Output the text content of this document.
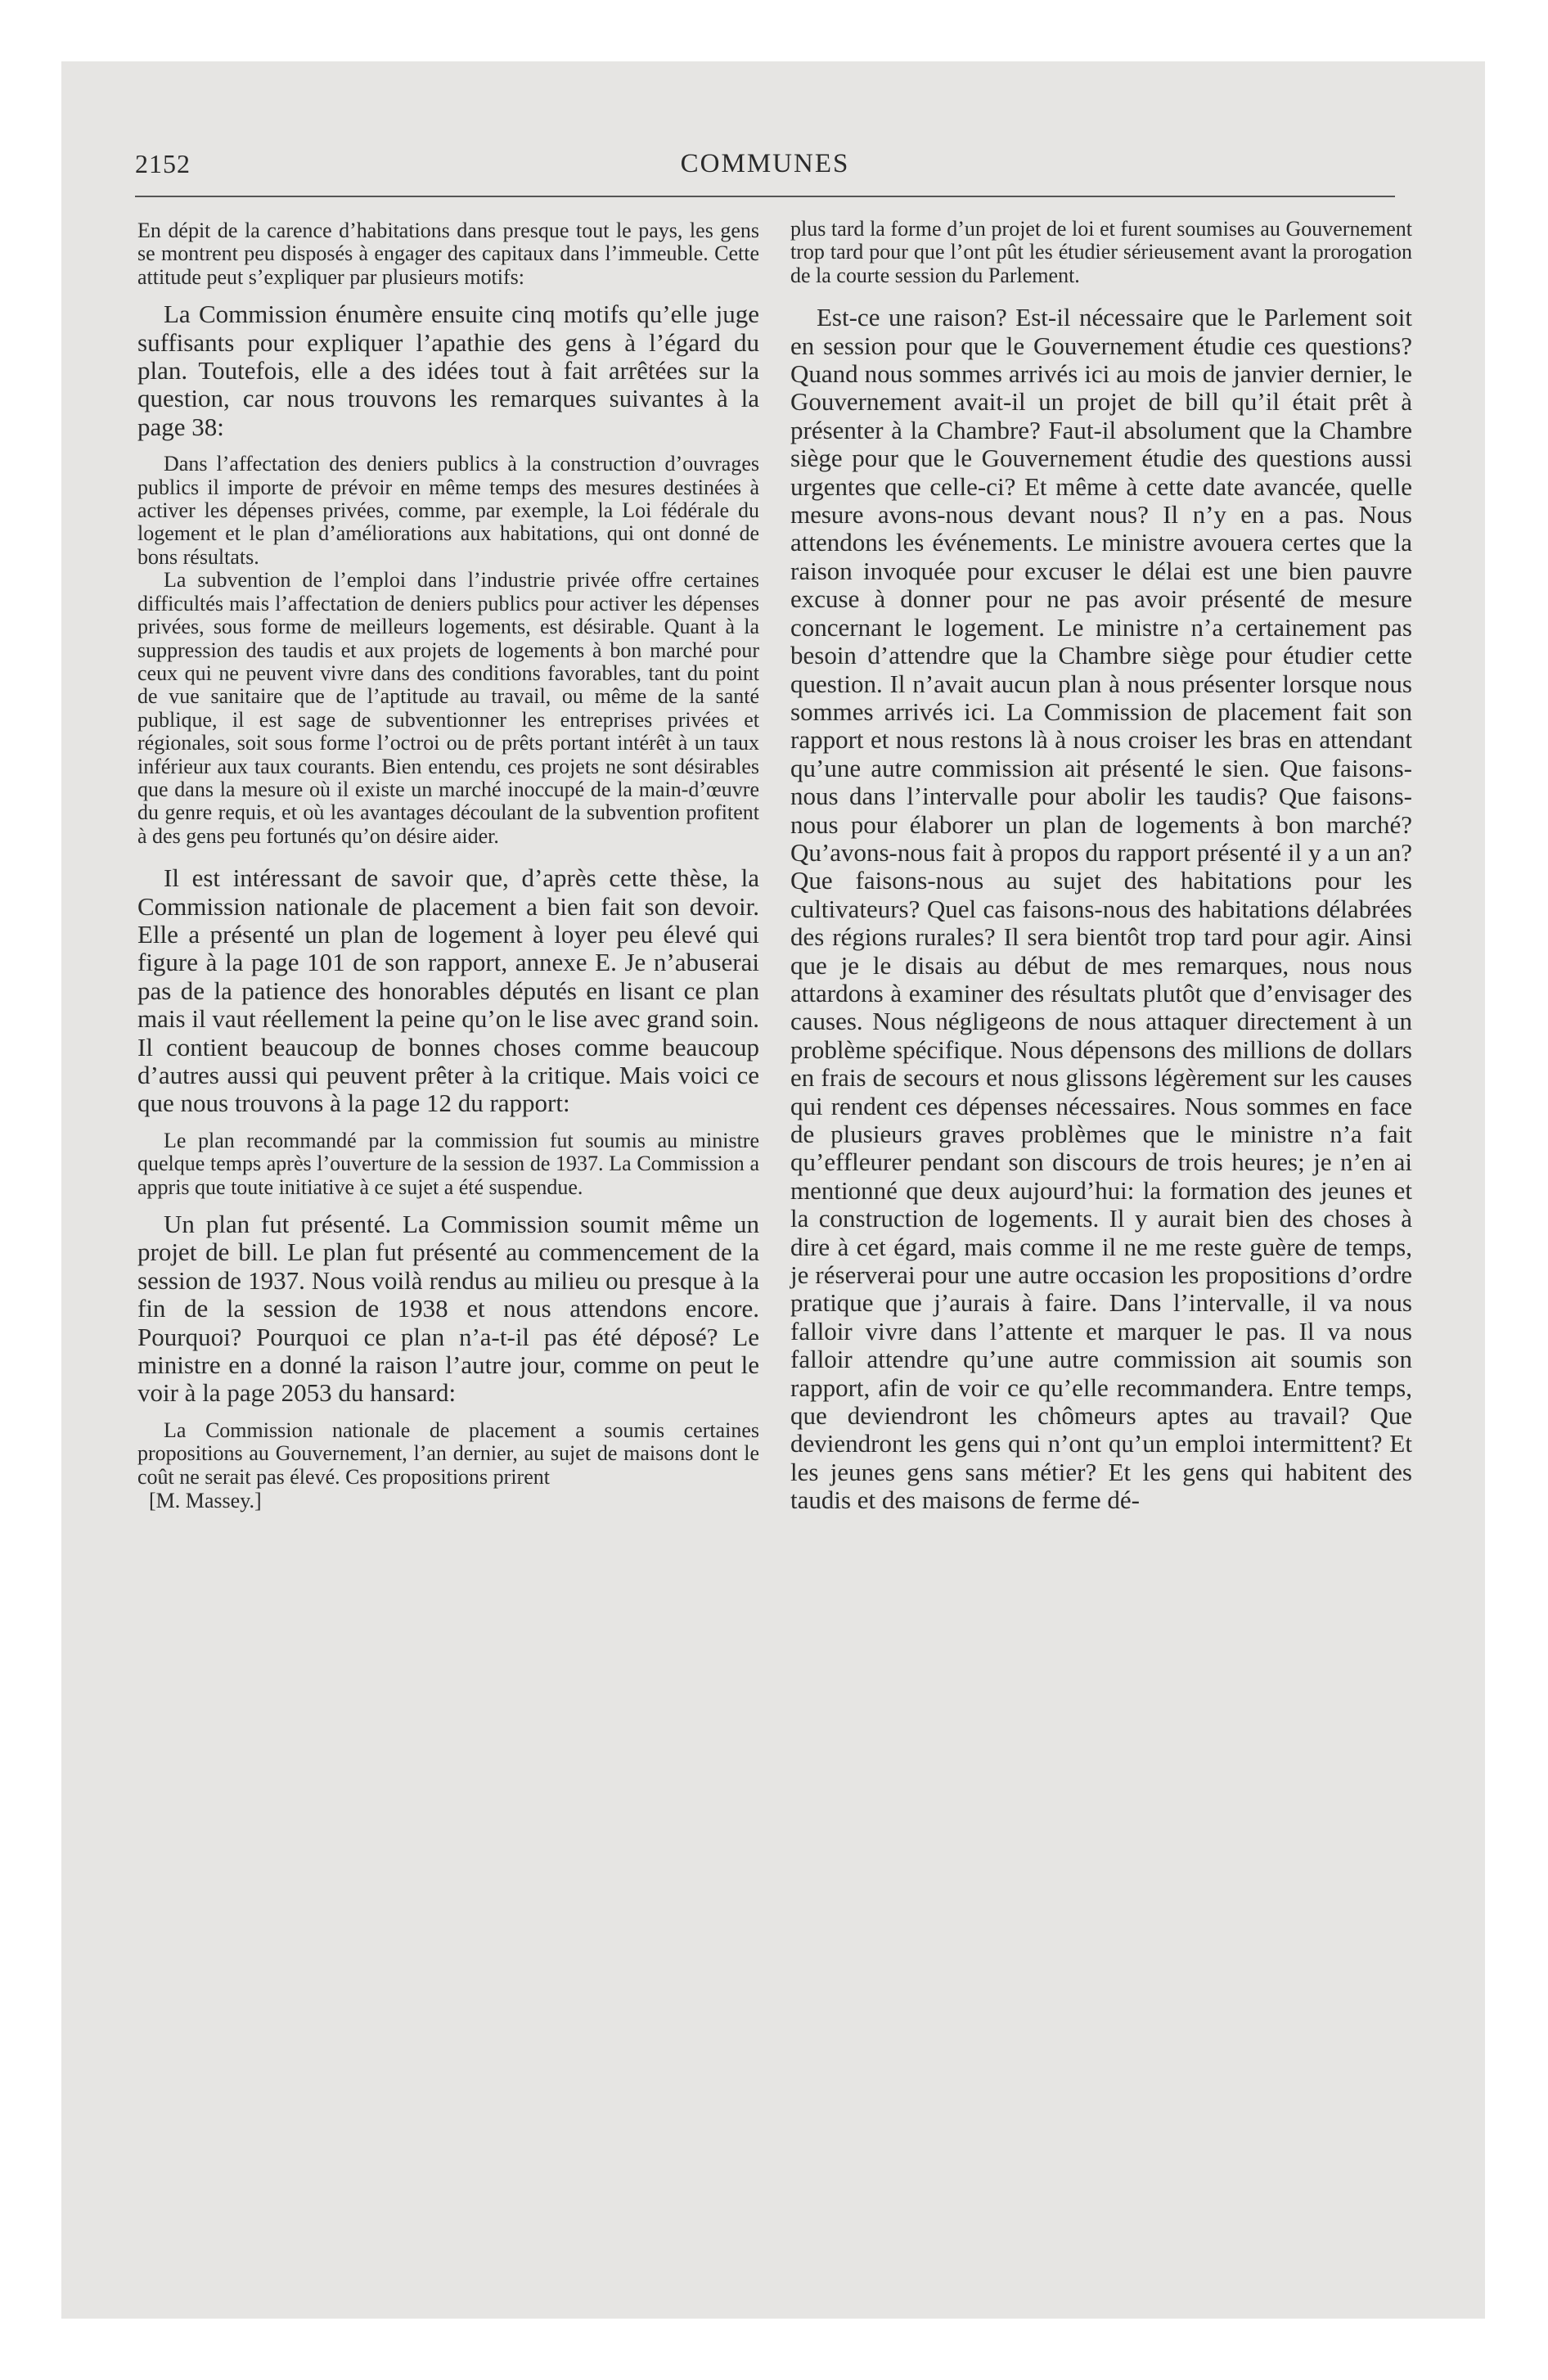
2152	COMMUNES

En dépit de la carence d’habitations dans presque tout le pays, les gens se montrent peu disposés à engager des capitaux dans l’immeuble. Cette attitude peut s’expliquer par plusieurs motifs:

La Commission énumère ensuite cinq motifs qu’elle juge suffisants pour expliquer l’apathie des gens à l’égard du plan. Toutefois, elle a des idées tout à fait arrêtées sur la question, car nous trouvons les remarques suivantes à la page 38:

Dans l’affectation des deniers publics à la construction d’ouvrages publics il importe de prévoir en même temps des mesures destinées à activer les dépenses privées, comme, par exemple, la Loi fédérale du logement et le plan d’améliorations aux habitations, qui ont donné de bons résultats.

La subvention de l’emploi dans l’industrie privée offre certaines difficultés mais l’affectation de deniers publics pour activer les dépenses privées, sous forme de meilleurs logements, est désirable. Quant à la suppression des taudis et aux projets de logements à bon marché pour ceux qui ne peuvent vivre dans des conditions favorables, tant du point de vue sanitaire que de l’aptitude au travail, ou même de la santé publique, il est sage de subventionner les entreprises privées et régionales, soit sous forme l’octroi ou de prêts portant intérêt à un taux inférieur aux taux courants. Bien entendu, ces projets ne sont désirables que dans la mesure où il existe un marché inoccupé de la main-d’œuvre du genre requis, et où les avantages découlant de la subvention profitent à des gens peu fortunés qu’on désire aider.

Il est intéressant de savoir que, d’après cette thèse, la Commission nationale de placement a bien fait son devoir. Elle a présenté un plan de logement à loyer peu élevé qui figure à la page 101 de son rapport, annexe E. Je n’abuserai pas de la patience des honorables députés en lisant ce plan mais il vaut réellement la peine qu’on le lise avec grand soin. Il contient beaucoup de bonnes choses comme beaucoup d’autres aussi qui peuvent prêter à la critique. Mais voici ce que nous trouvons à la page 12 du rapport:

Le plan recommandé par la commission fut soumis au ministre quelque temps après l’ouverture de la session de 1937. La Commission a appris que toute initiative à ce sujet a été suspendue.

Un plan fut présenté. La Commission soumit même un projet de bill. Le plan fut présenté au commencement de la session de 1937. Nous voilà rendus au milieu ou presque à la fin de la session de 1938 et nous attendons encore. Pourquoi? Pourquoi ce plan n’a-t-il pas été déposé? Le ministre en a donné la raison l’autre jour, comme on peut le voir à la page 2053 du hansard:

La Commission nationale de placement a soumis certaines propositions au Gouvernement, l’an dernier, au sujet de maisons dont le coût ne serait pas élevé. Ces propositions prirent

[M. Massey.]

plus tard la forme d’un projet de loi et furent soumises au Gouvernement trop tard pour que l’ont pût les étudier sérieusement avant la prorogation de la courte session du Parlement.

Est-ce une raison? Est-il nécessaire que le Parlement soit en session pour que le Gouvernement étudie ces questions? Quand nous sommes arrivés ici au mois de janvier dernier, le Gouvernement avait-il un projet de bill qu’il était prêt à présenter à la Chambre? Faut-il absolument que la Chambre siège pour que le Gouvernement étudie des questions aussi urgentes que celle-ci? Et même à cette date avancée, quelle mesure avons-nous devant nous? Il n’y en a pas. Nous attendons les événements. Le ministre avouera certes que la raison invoquée pour excuser le délai est une bien pauvre excuse à donner pour ne pas avoir présenté de mesure concernant le logement. Le ministre n’a certainement pas besoin d’attendre que la Chambre siège pour étudier cette question. Il n’avait aucun plan à nous présenter lorsque nous sommes arrivés ici. La Commission de placement fait son rapport et nous restons là à nous croiser les bras en attendant qu’une autre commission ait présenté le sien. Que faisons-nous dans l’intervalle pour abolir les taudis? Que faisons-nous pour élaborer un plan de logements à bon marché? Qu’avons-nous fait à propos du rapport présenté il y a un an? Que faisons-nous au sujet des habitations pour les cultivateurs? Quel cas faisons-nous des habitations délabrées des régions rurales? Il sera bientôt trop tard pour agir. Ainsi que je le disais au début de mes remarques, nous nous attardons à examiner des résultats plutôt que d’envisager des causes. Nous négligeons de nous attaquer directement à un problème spécifique. Nous dépensons des millions de dollars en frais de secours et nous glissons légèrement sur les causes qui rendent ces dépenses nécessaires. Nous sommes en face de plusieurs graves problèmes que le ministre n’a fait qu’effleurer pendant son discours de trois heures; je n’en ai mentionné que deux aujourd’hui: la formation des jeunes et la construction de logements. Il y aurait bien des choses à dire à cet égard, mais comme il ne me reste guère de temps, je réserverai pour une autre occasion les propositions d’ordre pratique que j’aurais à faire. Dans l’intervalle, il va nous falloir vivre dans l’attente et marquer le pas. Il va nous falloir attendre qu’une autre commission ait soumis son rapport, afin de voir ce qu’elle recommandera. Entre temps, que deviendront les chômeurs aptes au travail? Que deviendront les gens qui n’ont qu’un emploi intermittent? Et les jeunes gens sans métier? Et les gens qui habitent des taudis et des maisons de ferme dé-
